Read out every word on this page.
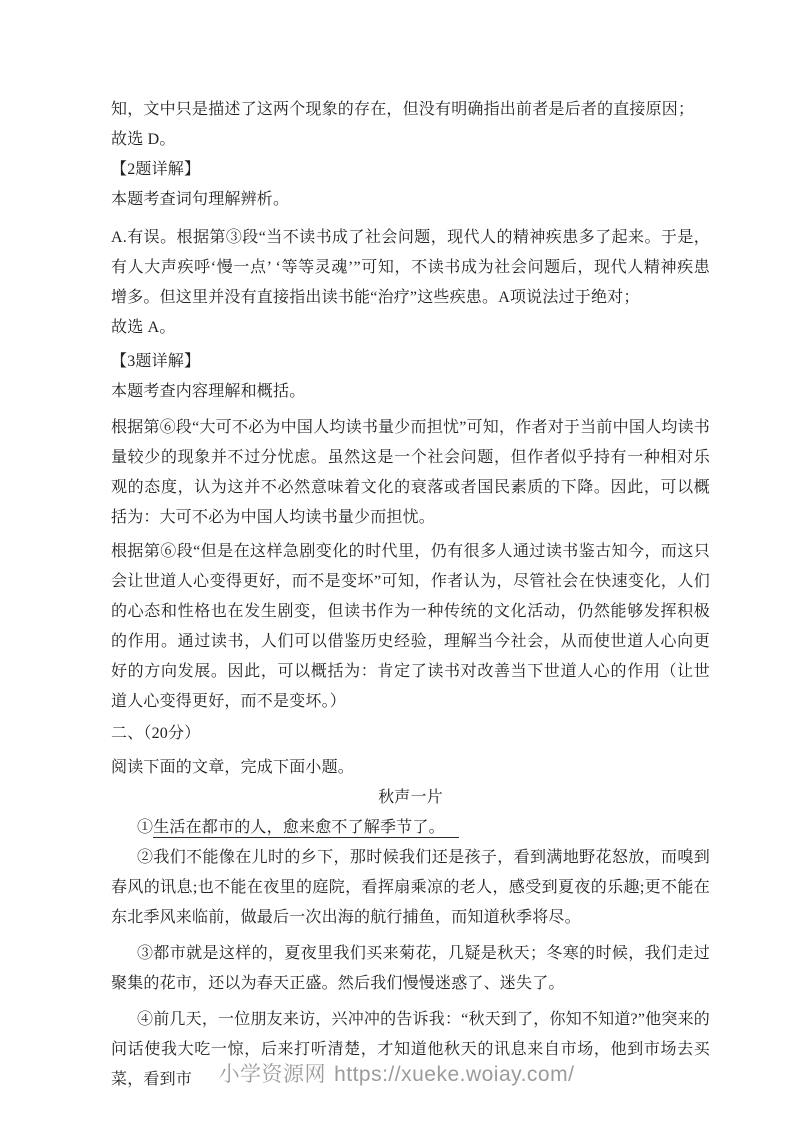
知，文中只是描述了这两个现象的存在，但没有明确指出前者是后者的直接原因；
故选 D。
【2题详解】
本题考查词句理解辨析。
A.有误。根据第③段“当不读书成了社会问题，现代人的精神疾患多了起来。于是，有人大声疾呼‘慢一点’ ‘等等灵魂’”可知，不读书成为社会问题后，现代人精神疾患增多。但这里并没有直接指出读书能“治疗”这些疾患。A项说法过于绝对；
故选 A。
【3题详解】
本题考查内容理解和概括。
根据第⑥段“大可不必为中国人均读书量少而担忧”可知，作者对于当前中国人均读书量较少的现象并不过分忧虑。虽然这是一个社会问题，但作者似乎持有一种相对乐观的态度，认为这并不必然意味着文化的衰落或者国民素质的下降。因此，可以概括为：大可不必为中国人均读书量少而担忧。
根据第⑥段“但是在这样急剧变化的时代里，仍有很多人通过读书鉴古知今，而这只会让世道人心变得更好，而不是变坏”可知，作者认为，尽管社会在快速变化，人们的心态和性格也在发生剧变，但读书作为一种传统的文化活动，仍然能够发挥积极的作用。通过读书，人们可以借鉴历史经验，理解当今社会，从而使世道人心向更好的方向发展。因此，可以概括为：肯定了读书对改善当下世道人心的作用（让世道人心变得更好，而不是变坏。）
二、（20分）
阅读下面的文章，完成下面小题。
秋声一片
①生活在都市的人，愈来愈不了解季节了。
②我们不能像在儿时的乡下，那时候我们还是孩子，看到满地野花怒放，而嗅到春风的讯息;也不能在夜里的庭院，看挥扇乘凉的老人，感受到夏夜的乐趣;更不能在东北季风来临前，做最后一次出海的航行捕鱼，而知道秋季将尽。
③都市就是这样的，夏夜里我们买来菊花，几疑是秋天；冬寒的时候，我们走过聚集的花市，还以为春天正盛。然后我们慢慢迷惑了、迷失了。
④前几天，一位朋友来访，兴冲冲的告诉我：“秋天到了，你知不知道?”他突来的问话使我大吃一惊，后来打听清楚，才知道他秋天的讯息来自市场，他到市场去买菜，看到市	小学资源网 https://xueke.woiay.com/
